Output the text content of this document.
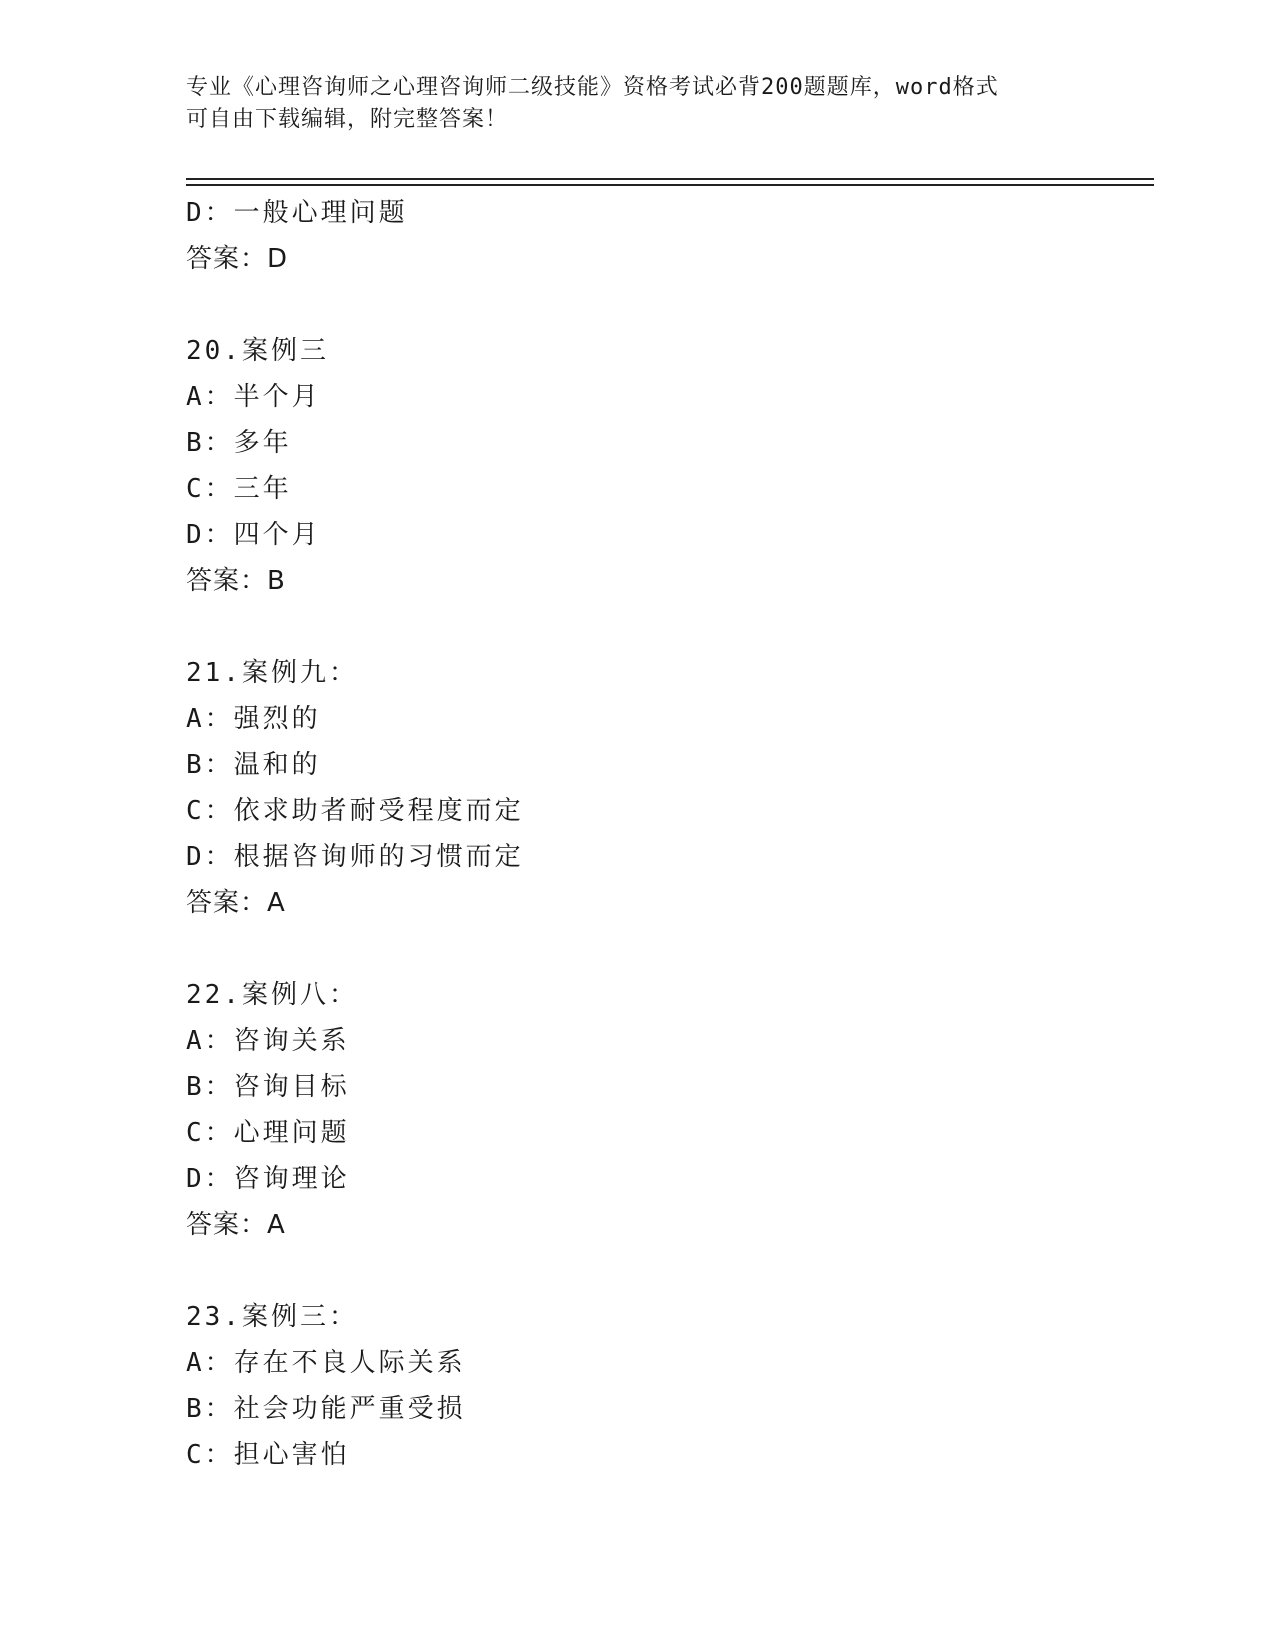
专业《心理咨询师之心理咨询师二级技能》资格考试必背200题题库，word格式
可自由下载编辑，附完整答案！
D：一般心理问题
答案：D
20.案例三
A：半个月
B：多年
C：三年
D：四个月
答案：B
21.案例九：
A：强烈的
B：温和的
C：依求助者耐受程度而定
D：根据咨询师的习惯而定
答案：A
22.案例八：
A：咨询关系
B：咨询目标
C：心理问题
D：咨询理论
答案：A
23.案例三：
A：存在不良人际关系
B：社会功能严重受损
C：担心害怕
